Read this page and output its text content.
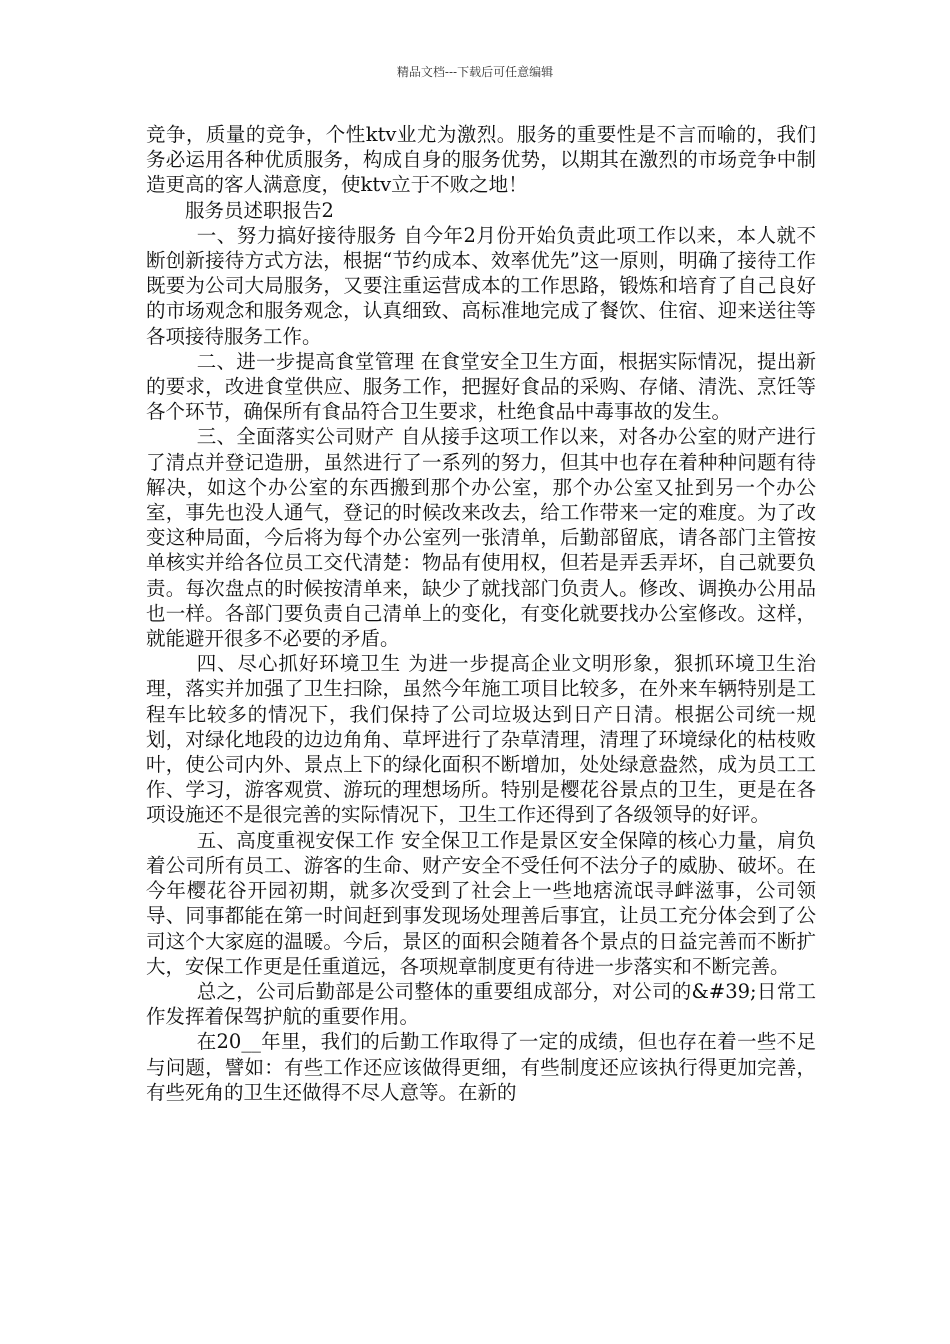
精品文档---下载后可任意编辑

竞争，质量的竞争，个性ktv业尤为激烈。服务的重要性是不言而喻的，我们务必运用各种优质服务，构成自身的服务优势，以期其在激烈的市场竞争中制造更高的客人满意度，使ktv立于不败之地！

服务员述职报告2

一、努力搞好接待服务 自今年2月份开始负责此项工作以来，本人就不断创新接待方式方法，根据“节约成本、效率优先”这一原则，明确了接待工作既要为公司大局服务，又要注重运营成本的工作思路，锻炼和培育了自己良好的市场观念和服务观念，认真细致、高标准地完成了餐饮、住宿、迎来送往等各项接待服务工作。

二、进一步提高食堂管理 在食堂安全卫生方面，根据实际情况，提出新的要求，改进食堂供应、服务工作，把握好食品的采购、存储、清洗、烹饪等各个环节，确保所有食品符合卫生要求，杜绝食品中毒事故的发生。

三、全面落实公司财产 自从接手这项工作以来，对各办公室的财产进行了清点并登记造册，虽然进行了一系列的努力，但其中也存在着种种问题有待解决，如这个办公室的东西搬到那个办公室，那个办公室又扯到另一个办公室，事先也没人通气，登记的时候改来改去，给工作带来一定的难度。为了改变这种局面，今后将为每个办公室列一张清单，后勤部留底，请各部门主管按单核实并给各位员工交代清楚：物品有使用权，但若是弄丢弄坏，自己就要负责。每次盘点的时候按清单来，缺少了就找部门负责人。修改、调换办公用品也一样。各部门要负责自己清单上的变化，有变化就要找办公室修改。这样，就能避开很多不必要的矛盾。

四、尽心抓好环境卫生 为进一步提高企业文明形象，狠抓环境卫生治理，落实并加强了卫生扫除，虽然今年施工项目比较多，在外来车辆特别是工程车比较多的情况下，我们保持了公司垃圾达到日产日清。根据公司统一规划，对绿化地段的边边角角、草坪进行了杂草清理，清理了环境绿化的枯枝败叶，使公司内外、景点上下的绿化面积不断增加，处处绿意盎然，成为员工工作、学习，游客观赏、游玩的理想场所。特别是樱花谷景点的卫生，更是在各项设施还不是很完善的实际情况下，卫生工作还得到了各级领导的好评。

五、高度重视安保工作 安全保卫工作是景区安全保障的核心力量，肩负着公司所有员工、游客的生命、财产安全不受任何不法分子的威胁、破坏。在今年樱花谷开园初期，就多次受到了社会上一些地痞流氓寻衅滋事，公司领导、同事都能在第一时间赶到事发现场处理善后事宜，让员工充分体会到了公司这个大家庭的温暖。今后，景区的面积会随着各个景点的日益完善而不断扩大，安保工作更是任重道远，各项规章制度更有待进一步落实和不断完善。

总之，公司后勤部是公司整体的重要组成部分，对公司的&#39;日常工作发挥着保驾护航的重要作用。

在20__年里，我们的后勤工作取得了一定的成绩，但也存在着一些不足与问题，譬如：有些工作还应该做得更细，有些制度还应该执行得更加完善，有些死角的卫生还做得不尽人意等。在新的
